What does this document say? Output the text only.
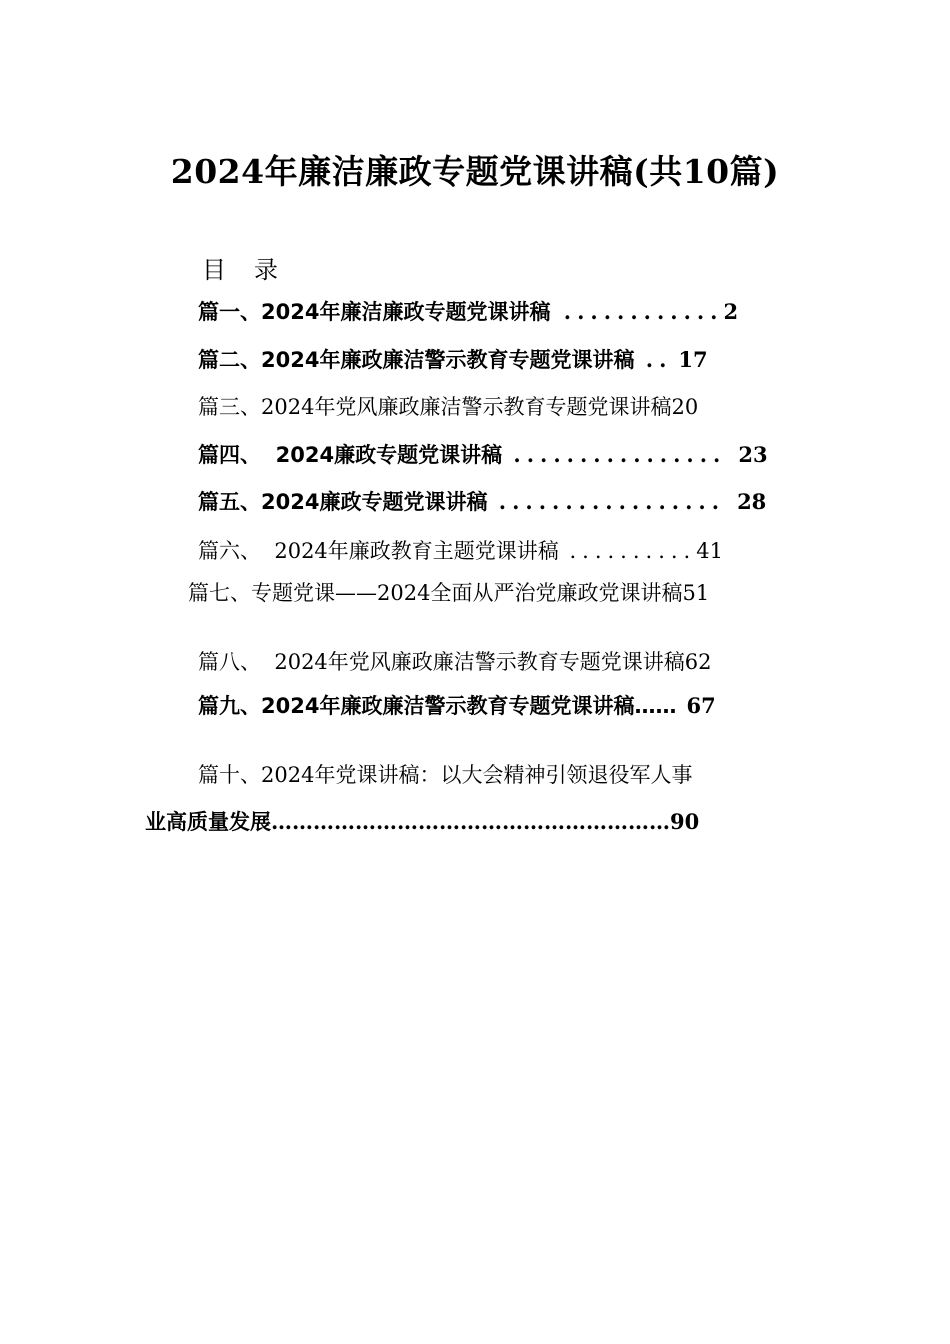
2024年廉洁廉政专题党课讲稿(共10篇)
目 录
篇一、2024年廉洁廉政专题党课讲稿 ............2
篇二、2024年廉政廉洁警示教育专题党课讲稿 .. 17
篇三、2024年党风廉政廉洁警示教育专题党课讲稿20
篇四、  2024廉政专题党课讲稿 ................ 23
篇五、2024廉政专题党课讲稿 ................. 28
篇六、  2024年廉政教育主题党课讲稿 ..........41
篇七、专题党课——2024全面从严治党廉政党课讲稿51
篇八、  2024年党风廉政廉洁警示教育专题党课讲稿62
篇九、2024年廉政廉洁警示教育专题党课讲稿…… 67
篇十、2024年党课讲稿：以大会精神引领退役军人事
业高质量发展…………………………………………………90
